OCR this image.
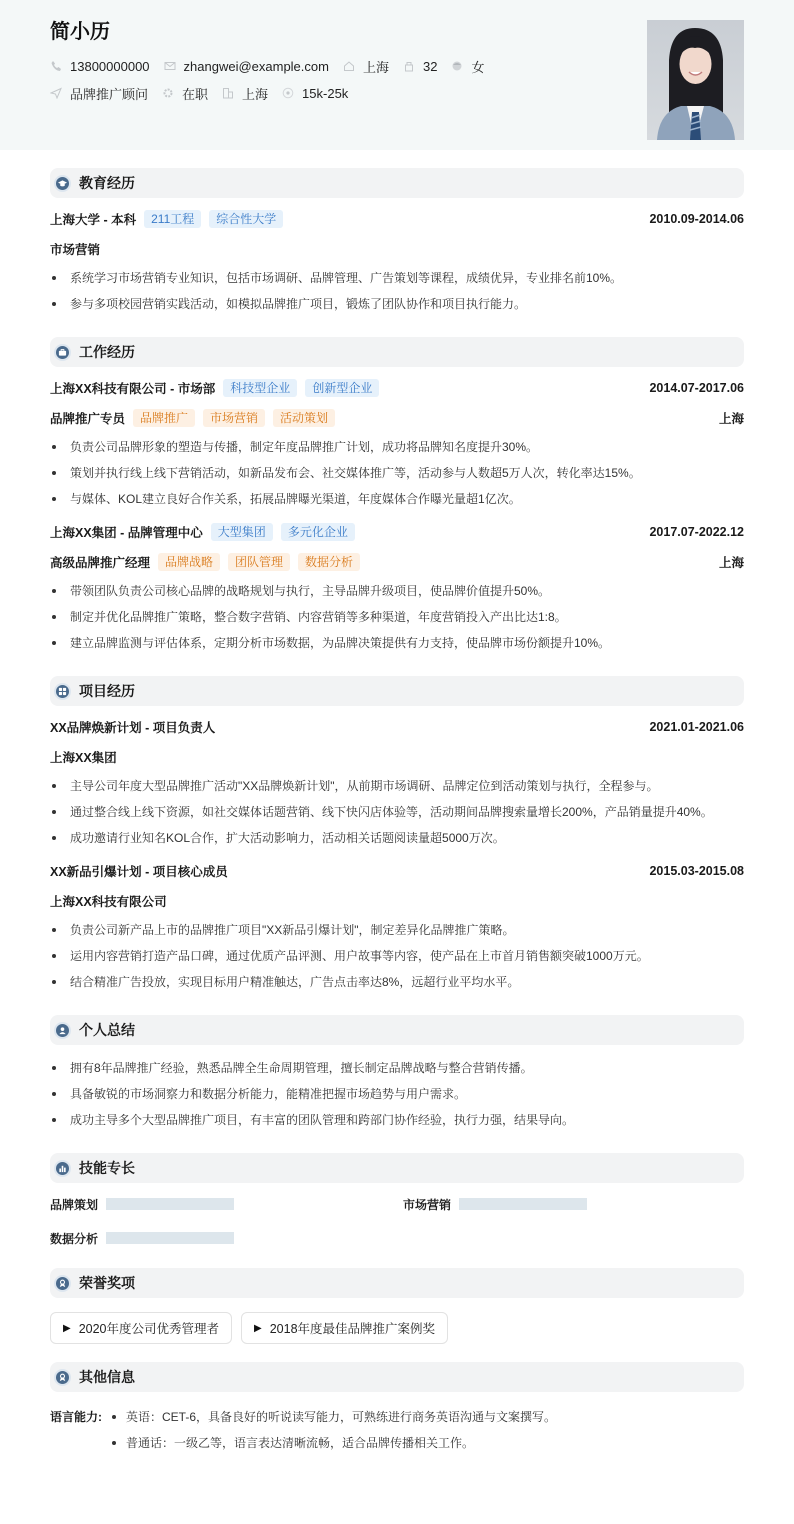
简小历
13800000000	zhangwei@example.com	上海	32	女
品牌推广顾问	在职	上海	15k-25k
教育经历
上海大学 - 本科	211工程	综合性大学	2010.09-2014.06
市场营销
系统学习市场营销专业知识，包括市场调研、品牌管理、广告策划等课程，成绩优异，专业排名前10%。
参与多项校园营销实践活动，如模拟品牌推广项目，锻炼了团队协作和项目执行能力。
工作经历
上海XX科技有限公司 - 市场部	科技型企业	创新型企业	2014.07-2017.06
品牌推广专员	品牌推广	市场营销	活动策划	上海
负责公司品牌形象的塑造与传播，制定年度品牌推广计划，成功将品牌知名度提升30%。
策划并执行线上线下营销活动，如新品发布会、社交媒体推广等，活动参与人数超5万人次，转化率达15%。
与媒体、KOL建立良好合作关系，拓展品牌曝光渠道，年度媒体合作曝光量超1亿次。
上海XX集团 - 品牌管理中心	大型集团	多元化企业	2017.07-2022.12
高级品牌推广经理	品牌战略	团队管理	数据分析	上海
带领团队负责公司核心品牌的战略规划与执行，主导品牌升级项目，使品牌价值提升50%。
制定并优化品牌推广策略，整合数字营销、内容营销等多种渠道，年度营销投入产出比达1:8。
建立品牌监测与评估体系，定期分析市场数据，为品牌决策提供有力支持，使品牌市场份额提升10%。
项目经历
XX品牌焕新计划 - 项目负责人	2021.01-2021.06
上海XX集团
主导公司年度大型品牌推广活动"XX品牌焕新计划"，从前期市场调研、品牌定位到活动策划与执行，全程参与。
通过整合线上线下资源，如社交媒体话题营销、线下快闪店体验等，活动期间品牌搜索量增长200%，产品销量提升40%。
成功邀请行业知名KOL合作，扩大活动影响力，活动相关话题阅读量超5000万次。
XX新品引爆计划 - 项目核心成员	2015.03-2015.08
上海XX科技有限公司
负责公司新产品上市的品牌推广项目"XX新品引爆计划"，制定差异化品牌推广策略。
运用内容营销打造产品口碑，通过优质产品评测、用户故事等内容，使产品在上市首月销售额突破1000万元。
结合精准广告投放，实现目标用户精准触达，广告点击率达8%，远超行业平均水平。
个人总结
拥有8年品牌推广经验，熟悉品牌全生命周期管理，擅长制定品牌战略与整合营销传播。
具备敏锐的市场洞察力和数据分析能力，能精准把握市场趋势与用户需求。
成功主导多个大型品牌推广项目，有丰富的团队管理和跨部门协作经验，执行力强，结果导向。
技能专长
品牌策划	市场营销
数据分析
荣誉奖项
▶ 2020年度公司优秀管理者	▶ 2018年度最佳品牌推广案例奖
其他信息
语言能力:	英语：CET-6，具备良好的听说读写能力，可熟练进行商务英语沟通与文案撰写。
普通话：一级乙等，语言表达清晰流畅，适合品牌传播相关工作。
